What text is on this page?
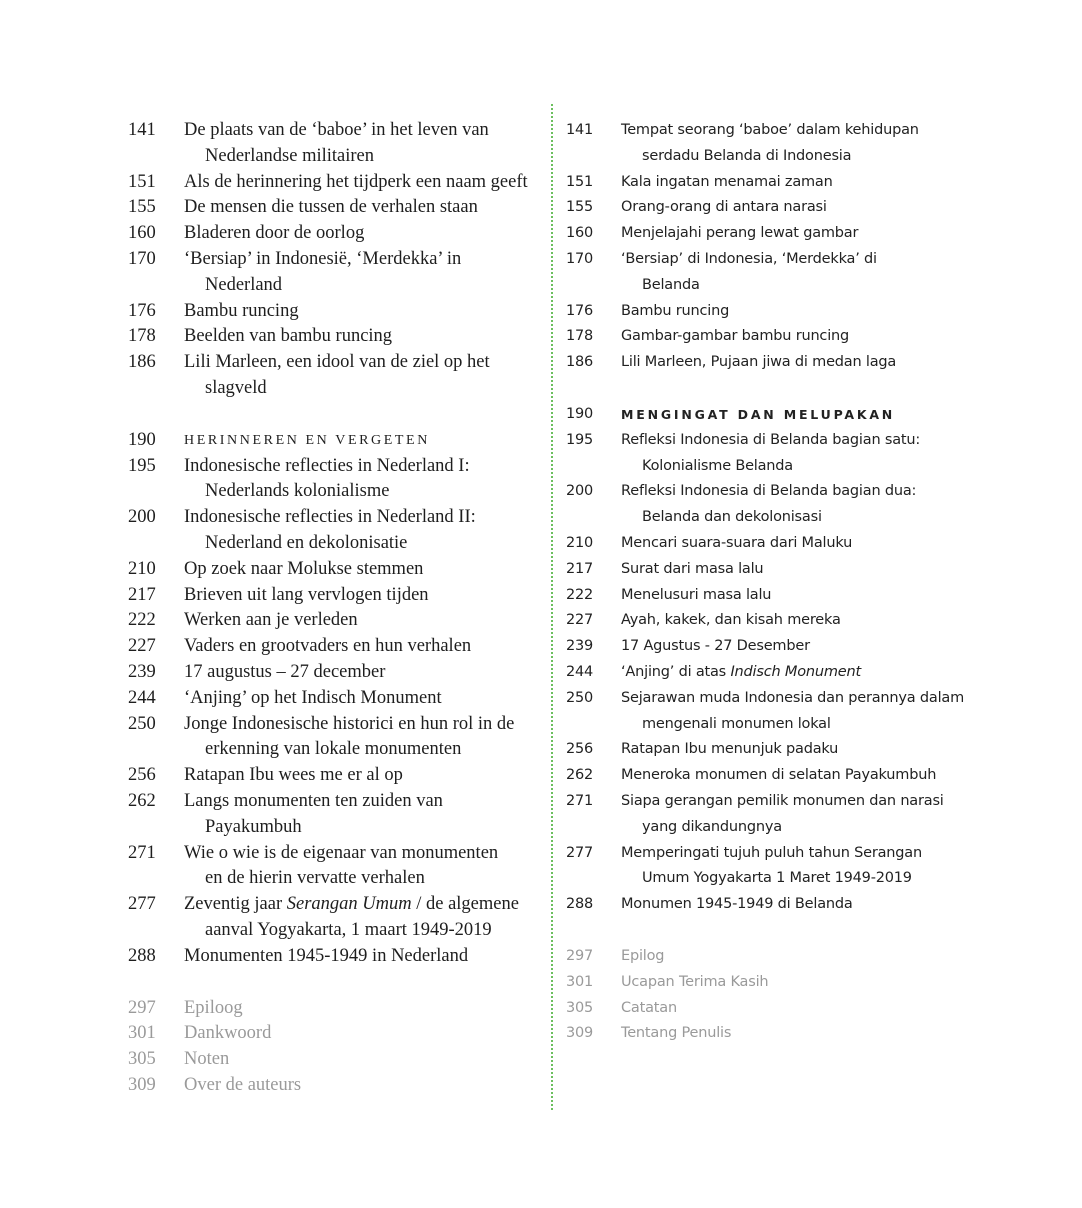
141	De plaats van de ‘baboe’ in het leven van
Nederlandse militairen
151	Als de herinnering het tijdperk een naam geeft
155	De mensen die tussen de verhalen staan
160	Bladeren door de oorlog
170	‘Bersiap’ in Indonesië, ‘Merdekka’ in
Nederland
176	Bambu runcing
178	Beelden van bambu runcing
186	Lili Marleen, een idool van de ziel op het
slagveld
190	HERINNEREN EN VERGETEN
195	Indonesische reflecties in Nederland I:
Nederlands kolonialisme
200	Indonesische reflecties in Nederland II:
Nederland en dekolonisatie
210	Op zoek naar Molukse stemmen
217	Brieven uit lang vervlogen tijden
222	Werken aan je verleden
227	Vaders en grootvaders en hun verhalen
239	17 augustus – 27 december
244	‘Anjing’ op het Indisch Monument
250	Jonge Indonesische historici en hun rol in de
erkenning van lokale monumenten
256	Ratapan Ibu wees me er al op
262	Langs monumenten ten zuiden van
Payakumbuh
271	Wie o wie is de eigenaar van monumenten
en de hierin vervatte verhalen
277	Zeventig jaar Serangan Umum / de algemene
aanval Yogyakarta, 1 maart 1949-2019
288	Monumenten 1945-1949 in Nederland
297	Epiloog
301	Dankwoord
305	Noten
309	Over de auteurs
141	Tempat seorang ‘baboe’ dalam kehidupan
serdadu Belanda di Indonesia
151	Kala ingatan menamai zaman
155	Orang-orang di antara narasi
160	Menjelajahi perang lewat gambar
170	‘Bersiap’ di Indonesia, ‘Merdekka’ di
Belanda
176	Bambu runcing
178	Gambar-gambar bambu runcing
186	Lili Marleen, Pujaan jiwa di medan laga
190	MENGINGAT DAN MELUPAKAN
195	Refleksi Indonesia di Belanda bagian satu:
Kolonialisme Belanda
200	Refleksi Indonesia di Belanda bagian dua:
Belanda dan dekolonisasi
210	Mencari suara-suara dari Maluku
217	Surat dari masa lalu
222	Menelusuri masa lalu
227	Ayah, kakek, dan kisah mereka
239	17 Agustus - 27 Desember
244	‘Anjing’ di atas Indisch Monument
250	Sejarawan muda Indonesia dan perannya dalam
mengenali monumen lokal
256	Ratapan Ibu menunjuk padaku
262	Meneroka monumen di selatan Payakumbuh
271	Siapa gerangan pemilik monumen dan narasi
yang dikandungnya
277	Memperingati tujuh puluh tahun Serangan
Umum Yogyakarta 1 Maret 1949-2019
288	Monumen 1945-1949 di Belanda
297	Epilog
301	Ucapan Terima Kasih
305	Catatan
309	Tentang Penulis
